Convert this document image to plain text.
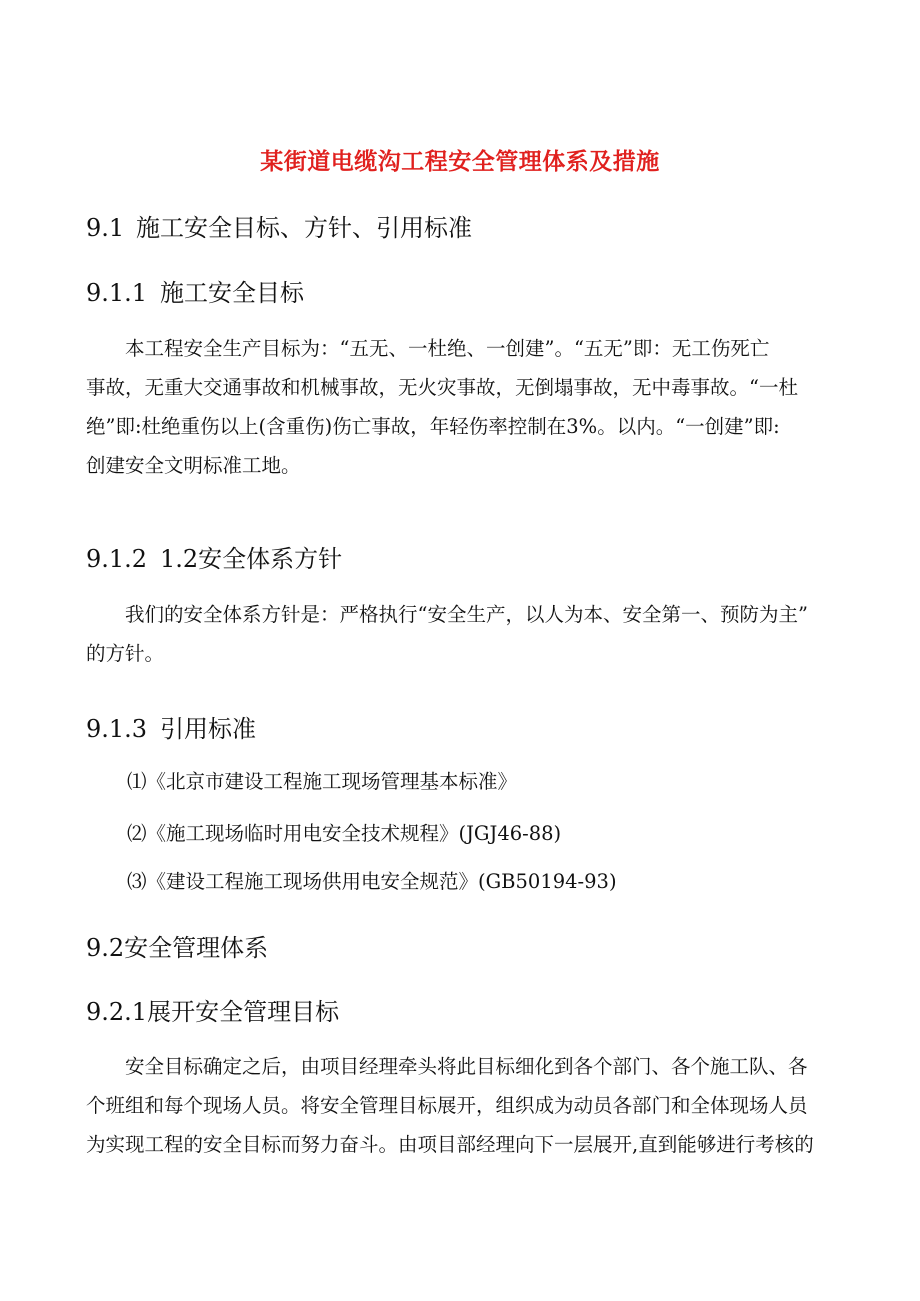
某街道电缆沟工程安全管理体系及措施
9.1 施工安全目标、方针、引用标准
9.1.1 施工安全目标
本工程安全生产目标为：“五无、一杜绝、一创建”。“五无”即：无工伤死亡
事故，无重大交通事故和机械事故，无火灾事故，无倒塌事故，无中毒事故。“一杜
绝”即:杜绝重伤以上(含重伤)伤亡事故，年轻伤率控制在3%。以内。“一创建”即:
创建安全文明标准工地。
9.1.2 1.2安全体系方针
我们的安全体系方针是：严格执行“安全生产，以人为本、安全第一、预防为主”
的方针。
9.1.3 引用标准
⑴《北京市建设工程施工现场管理基本标准》
⑵《施工现场临时用电安全技术规程》(JGJ46-88)
⑶《建设工程施工现场供用电安全规范》(GB50194-93)
9.2安全管理体系
9.2.1展开安全管理目标
安全目标确定之后，由项目经理牵头将此目标细化到各个部门、各个施工队、各
个班组和每个现场人员。将安全管理目标展开，组织成为动员各部门和全体现场人员
为实现工程的安全目标而努力奋斗。由项目部经理向下一层展开,直到能够进行考核的
